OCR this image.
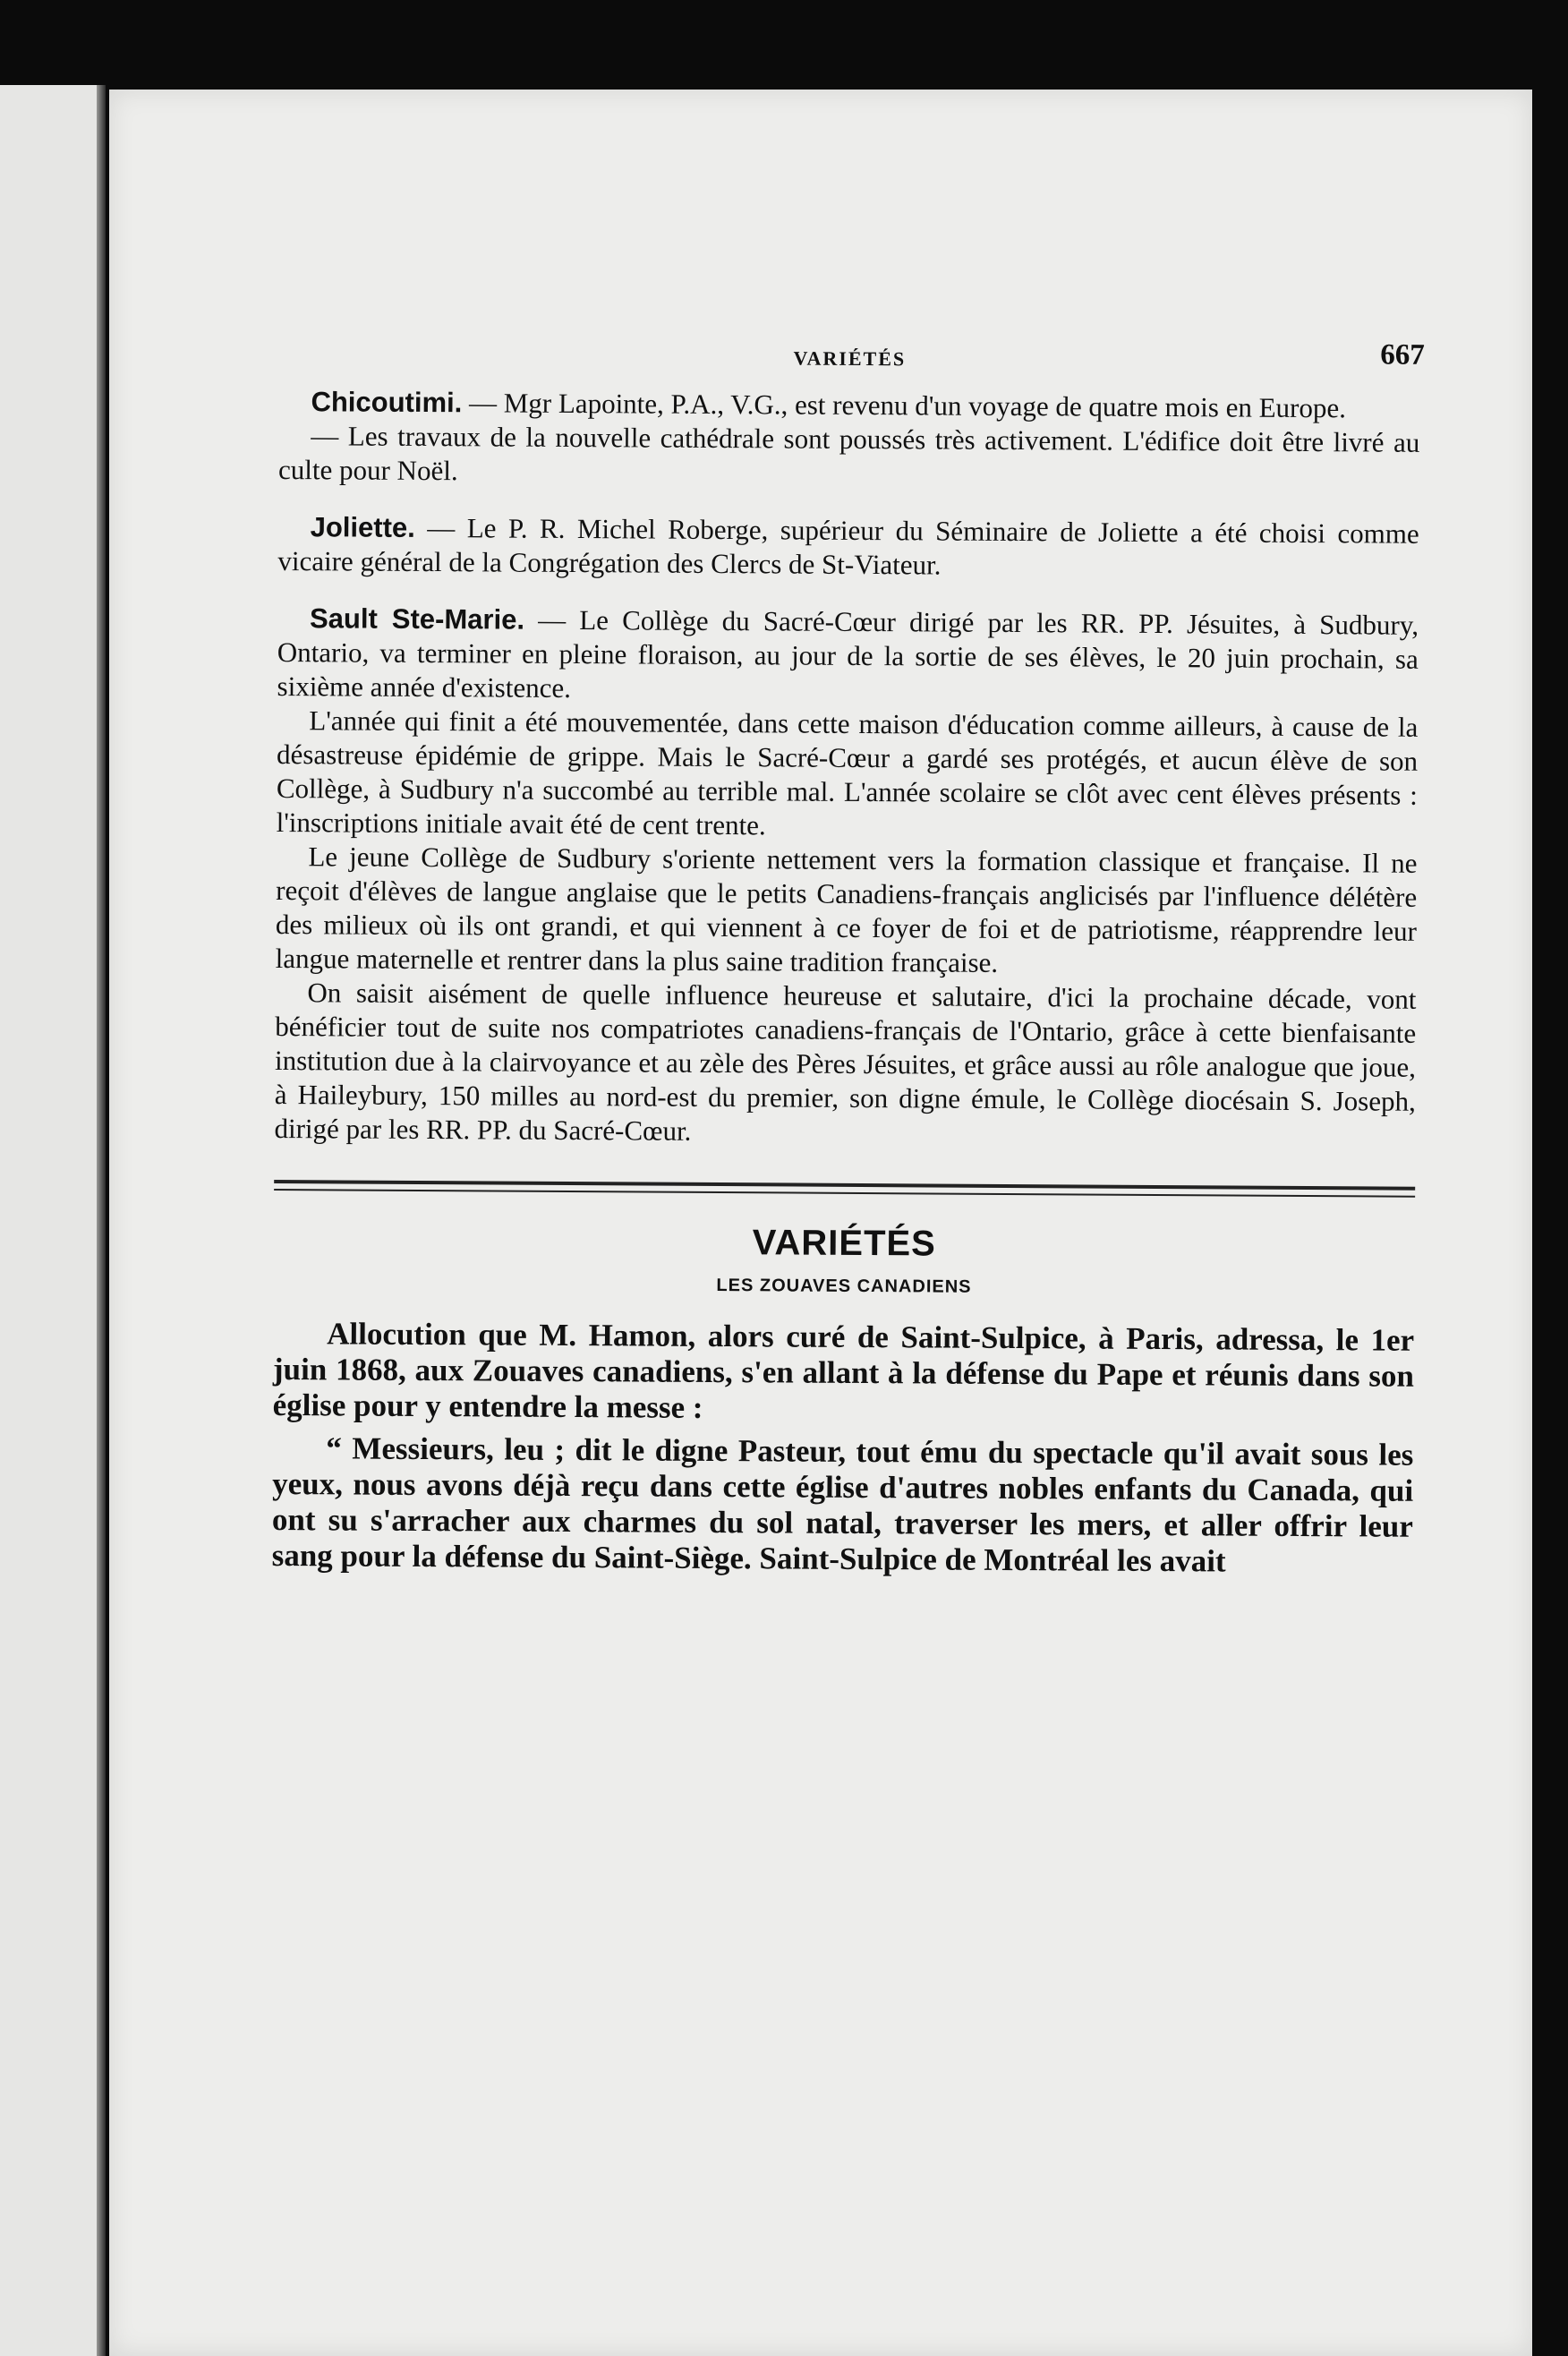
VARIÉTÉS	667

Chicoutimi. — Mgr Lapointe, P.A., V.G., est revenu d'un voyage de quatre mois en Europe.

— Les travaux de la nouvelle cathédrale sont poussés très activement. L'édifice doit être livré au culte pour Noël.

Joliette. — Le P. R. Michel Roberge, supérieur du Séminaire de Joliette a été choisi comme vicaire général de la Congrégation des Clercs de St-Viateur.

Sault Ste-Marie. — Le Collège du Sacré-Cœur dirigé par les RR. PP. Jésuites, à Sudbury, Ontario, va terminer en pleine floraison, au jour de la sortie de ses élèves, le 20 juin prochain, sa sixième année d'existence.

L'année qui finit a été mouvementée, dans cette maison d'éducation comme ailleurs, à cause de la désastreuse épidémie de grippe. Mais le Sacré-Cœur a gardé ses protégés, et aucun élève de son Collège, à Sudbury n'a succombé au terrible mal. L'année scolaire se clôt avec cent élèves présents : l'inscriptions initiale avait été de cent trente.

Le jeune Collège de Sudbury s'oriente nettement vers la formation classique et française. Il ne reçoit d'élèves de langue anglaise que le petits Canadiens-français anglicisés par l'influence délétère des milieux où ils ont grandi, et qui viennent à ce foyer de foi et de patriotisme, réapprendre leur langue maternelle et rentrer dans la plus saine tradition française.

On saisit aisément de quelle influence heureuse et salutaire, d'ici la prochaine décade, vont bénéficier tout de suite nos compatriotes canadiens-français de l'Ontario, grâce à cette bienfaisante institution due à la clairvoyance et au zèle des Pères Jésuites, et grâce aussi au rôle analogue que joue, à Haileybury, 150 milles au nord-est du premier, son digne émule, le Collège diocésain S. Joseph, dirigé par les RR. PP. du Sacré-Cœur.

VARIÉTÉS
LES ZOUAVES CANADIENS

Allocution que M. Hamon, alors curé de Saint-Sulpice, à Paris, adressa, le 1er juin 1868, aux Zouaves canadiens, s'en allant à la défense du Pape et réunis dans son église pour y entendre la messe :

“ Messieurs, leu ; dit le digne Pasteur, tout ému du spectacle qu'il avait sous les yeux, nous avons déjà reçu dans cette église d'autres nobles enfants du Canada, qui ont su s'arracher aux charmes du sol natal, traverser les mers, et aller offrir leur sang pour la défense du Saint-Siège. Saint-Sulpice de Montréal les avait
